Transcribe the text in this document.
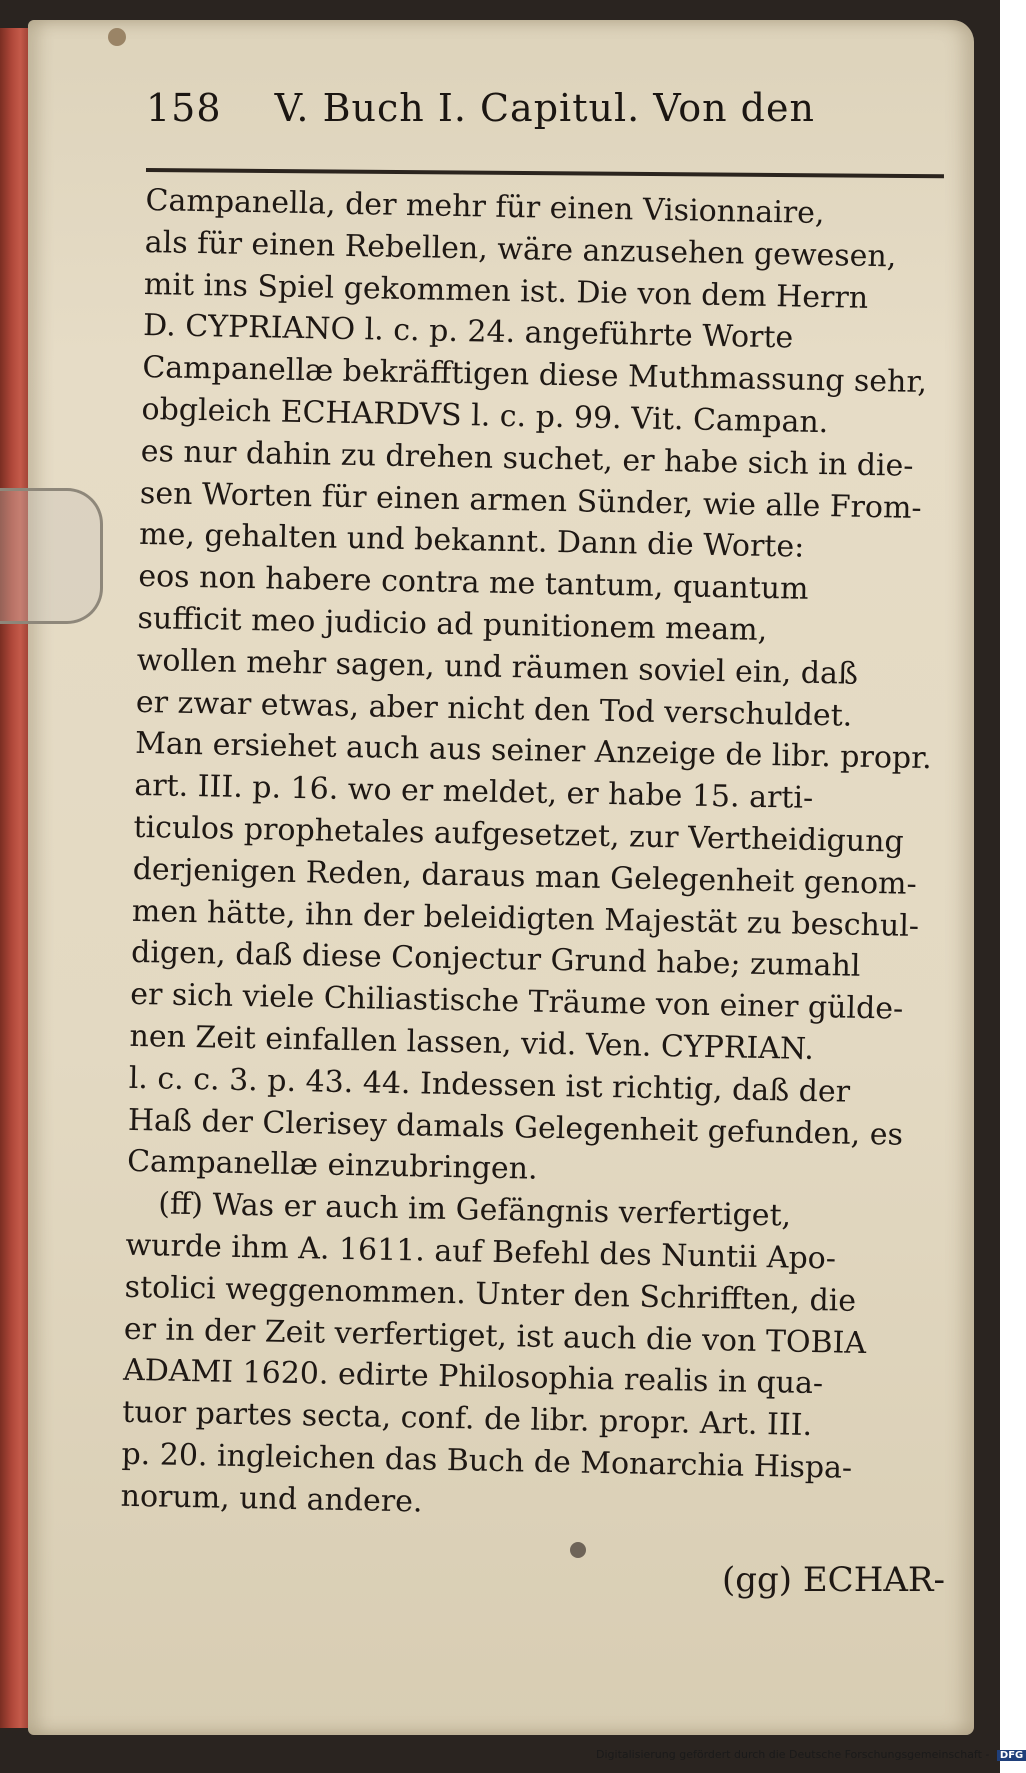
158 V. Buch I. Capitul. Von den
Campanella, der mehr für einen Visionnaire,
als für einen Rebellen, wäre anzusehen gewesen,
mit ins Spiel gekommen ist. Die von dem Herrn
D. CYPRIANO l. c. p. 24. angeführte Worte
Campanellæ bekräfftigen diese Muthmassung sehr,
obgleich ECHARDVS l. c. p. 99. Vit. Campan.
es nur dahin zu drehen suchet, er habe sich in die-
sen Worten für einen armen Sünder, wie alle From-
me, gehalten und bekannt. Dann die Worte:
eos non habere contra me tantum, quantum
sufficit meo judicio ad punitionem meam,
wollen mehr sagen, und räumen soviel ein, daß
er zwar etwas, aber nicht den Tod verschuldet.
Man ersiehet auch aus seiner Anzeige de libr. propr.
art. III. p. 16. wo er meldet, er habe 15. arti-
ticulos prophetales aufgesetzet, zur Vertheidigung
derjenigen Reden, daraus man Gelegenheit genom-
men hätte, ihn der beleidigten Majestät zu beschul-
digen, daß diese Conjectur Grund habe; zumahl
er sich viele Chiliastische Träume von einer gülde-
nen Zeit einfallen lassen, vid. Ven. CYPRIAN.
l. c. c. 3. p. 43. 44. Indessen ist richtig, daß der
Haß der Clerisey damals Gelegenheit gefunden, es
Campanellæ einzubringen.
(ff) Was er auch im Gefängnis verfertiget,
wurde ihm A. 1611. auf Befehl des Nuntii Apo-
stolici weggenommen. Unter den Schrifften, die
er in der Zeit verfertiget, ist auch die von TOBIA
ADAMI 1620. edirte Philosophia realis in qua-
tuor partes secta, conf. de libr. propr. Art. III.
p. 20. ingleichen das Buch de Monarchia Hispa-
norum, und andere.
(gg) ECHAR-
Digitalisierung gefördert durch die Deutsche Forschungsgemeinschaft - DFG
